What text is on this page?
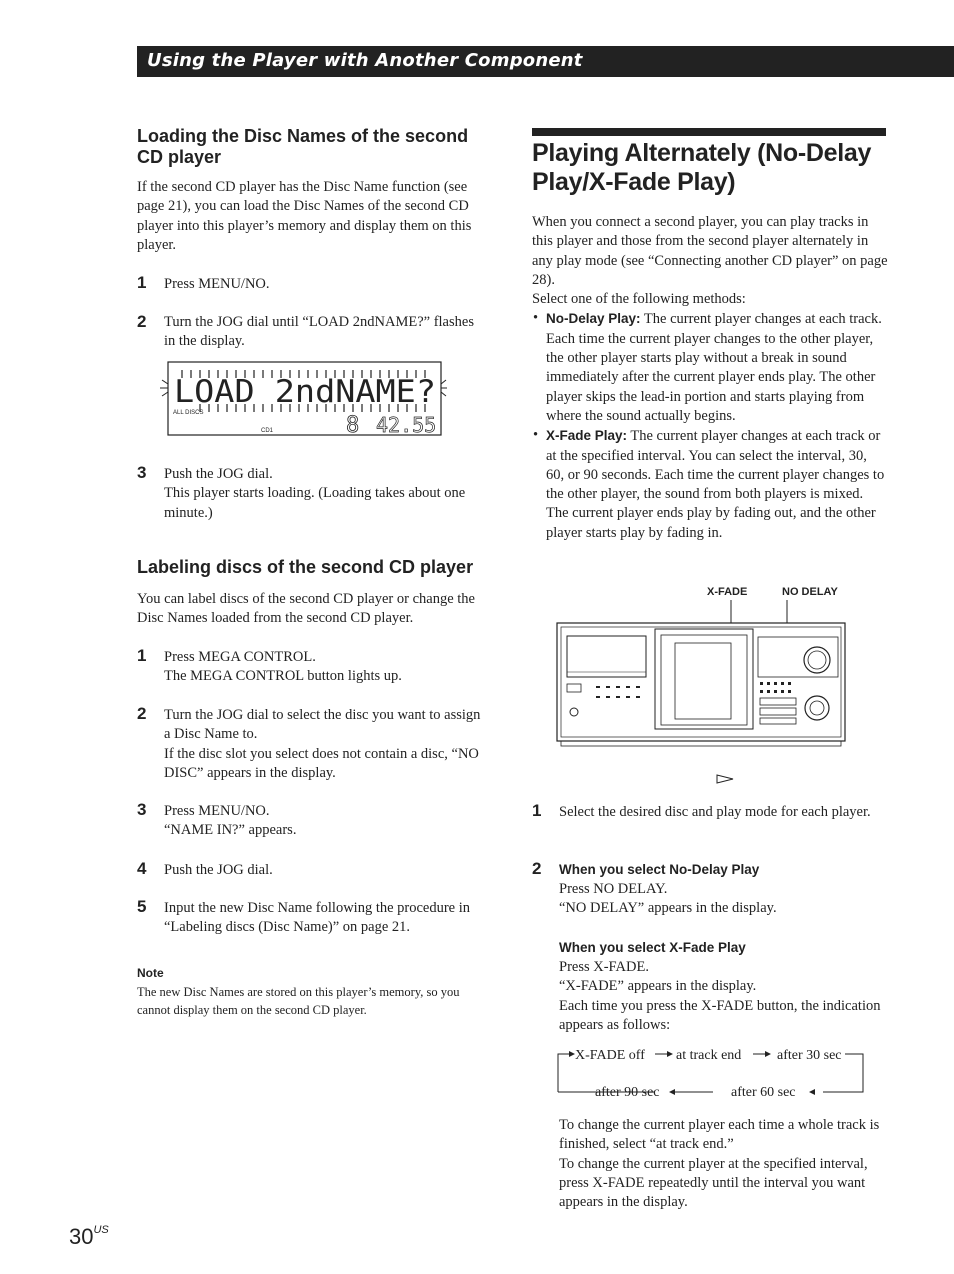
Using the Player with Another Component
Loading the Disc Names of the second CD player
If the second CD player has the Disc Name function (see page 21), you can load the Disc Names of the second CD player into this player’s memory and display them on this player.
1 Press MENU/NO.
2 Turn the JOG dial until “LOAD 2ndNAME?” flashes in the display.
LOAD 2ndNAME?
ALL DISCS
CD1	8 42.55
3 Push the JOG dial.
This player starts loading. (Loading takes about one minute.)
Labeling discs of the second CD player
You can label discs of the second CD player or change the Disc Names loaded from the second CD player.
1 Press MEGA CONTROL.
The MEGA CONTROL button lights up.
2 Turn the JOG dial to select the disc you want to assign a Disc Name to.
If the disc slot you select does not contain a disc, “NO DISC” appears in the display.
3 Press MENU/NO.
“NAME IN?” appears.
4 Push the JOG dial.
5 Input the new Disc Name following the procedure in “Labeling discs (Disc Name)” on page 21.
Note
The new Disc Names are stored on this player’s memory, so you cannot display them on the second CD player.
Playing Alternately (No-Delay
Play/X-Fade Play)
When you connect a second player, you can play tracks in this player and those from the second player alternately in any play mode (see “Connecting another CD player” on page 28).
Select one of the following methods:
• No-Delay Play: The current player changes at each track. Each time the current player changes to the other player, the other player starts play without a break in sound immediately after the current player ends play. The other player skips the lead-in portion and starts playing from where the sound actually begins.
• X-Fade Play: The current player changes at each track or at the specified interval. You can select the interval, 30, 60, or 90 seconds. Each time the current player changes to the other player, the sound from both players is mixed. The current player ends play by fading out, and the other player starts play by fading in.
X-FADE	NO DELAY
1 Select the desired disc and play mode for each player.
2 When you select No-Delay Play
Press NO DELAY.
“NO DELAY” appears in the display.
When you select X-Fade Play
Press X-FADE.
“X-FADE” appears in the display.
Each time you press the X-FADE button, the indication appears as follows:
X-FADE off at track end	after 30 sec
after 60 sec
after 90 sec
To change the current player each time a whole track is finished, select “at track end.”
To change the current player at the specified interval, press X-FADE repeatedly until the interval you want appears in the display.
$30^{US}$
